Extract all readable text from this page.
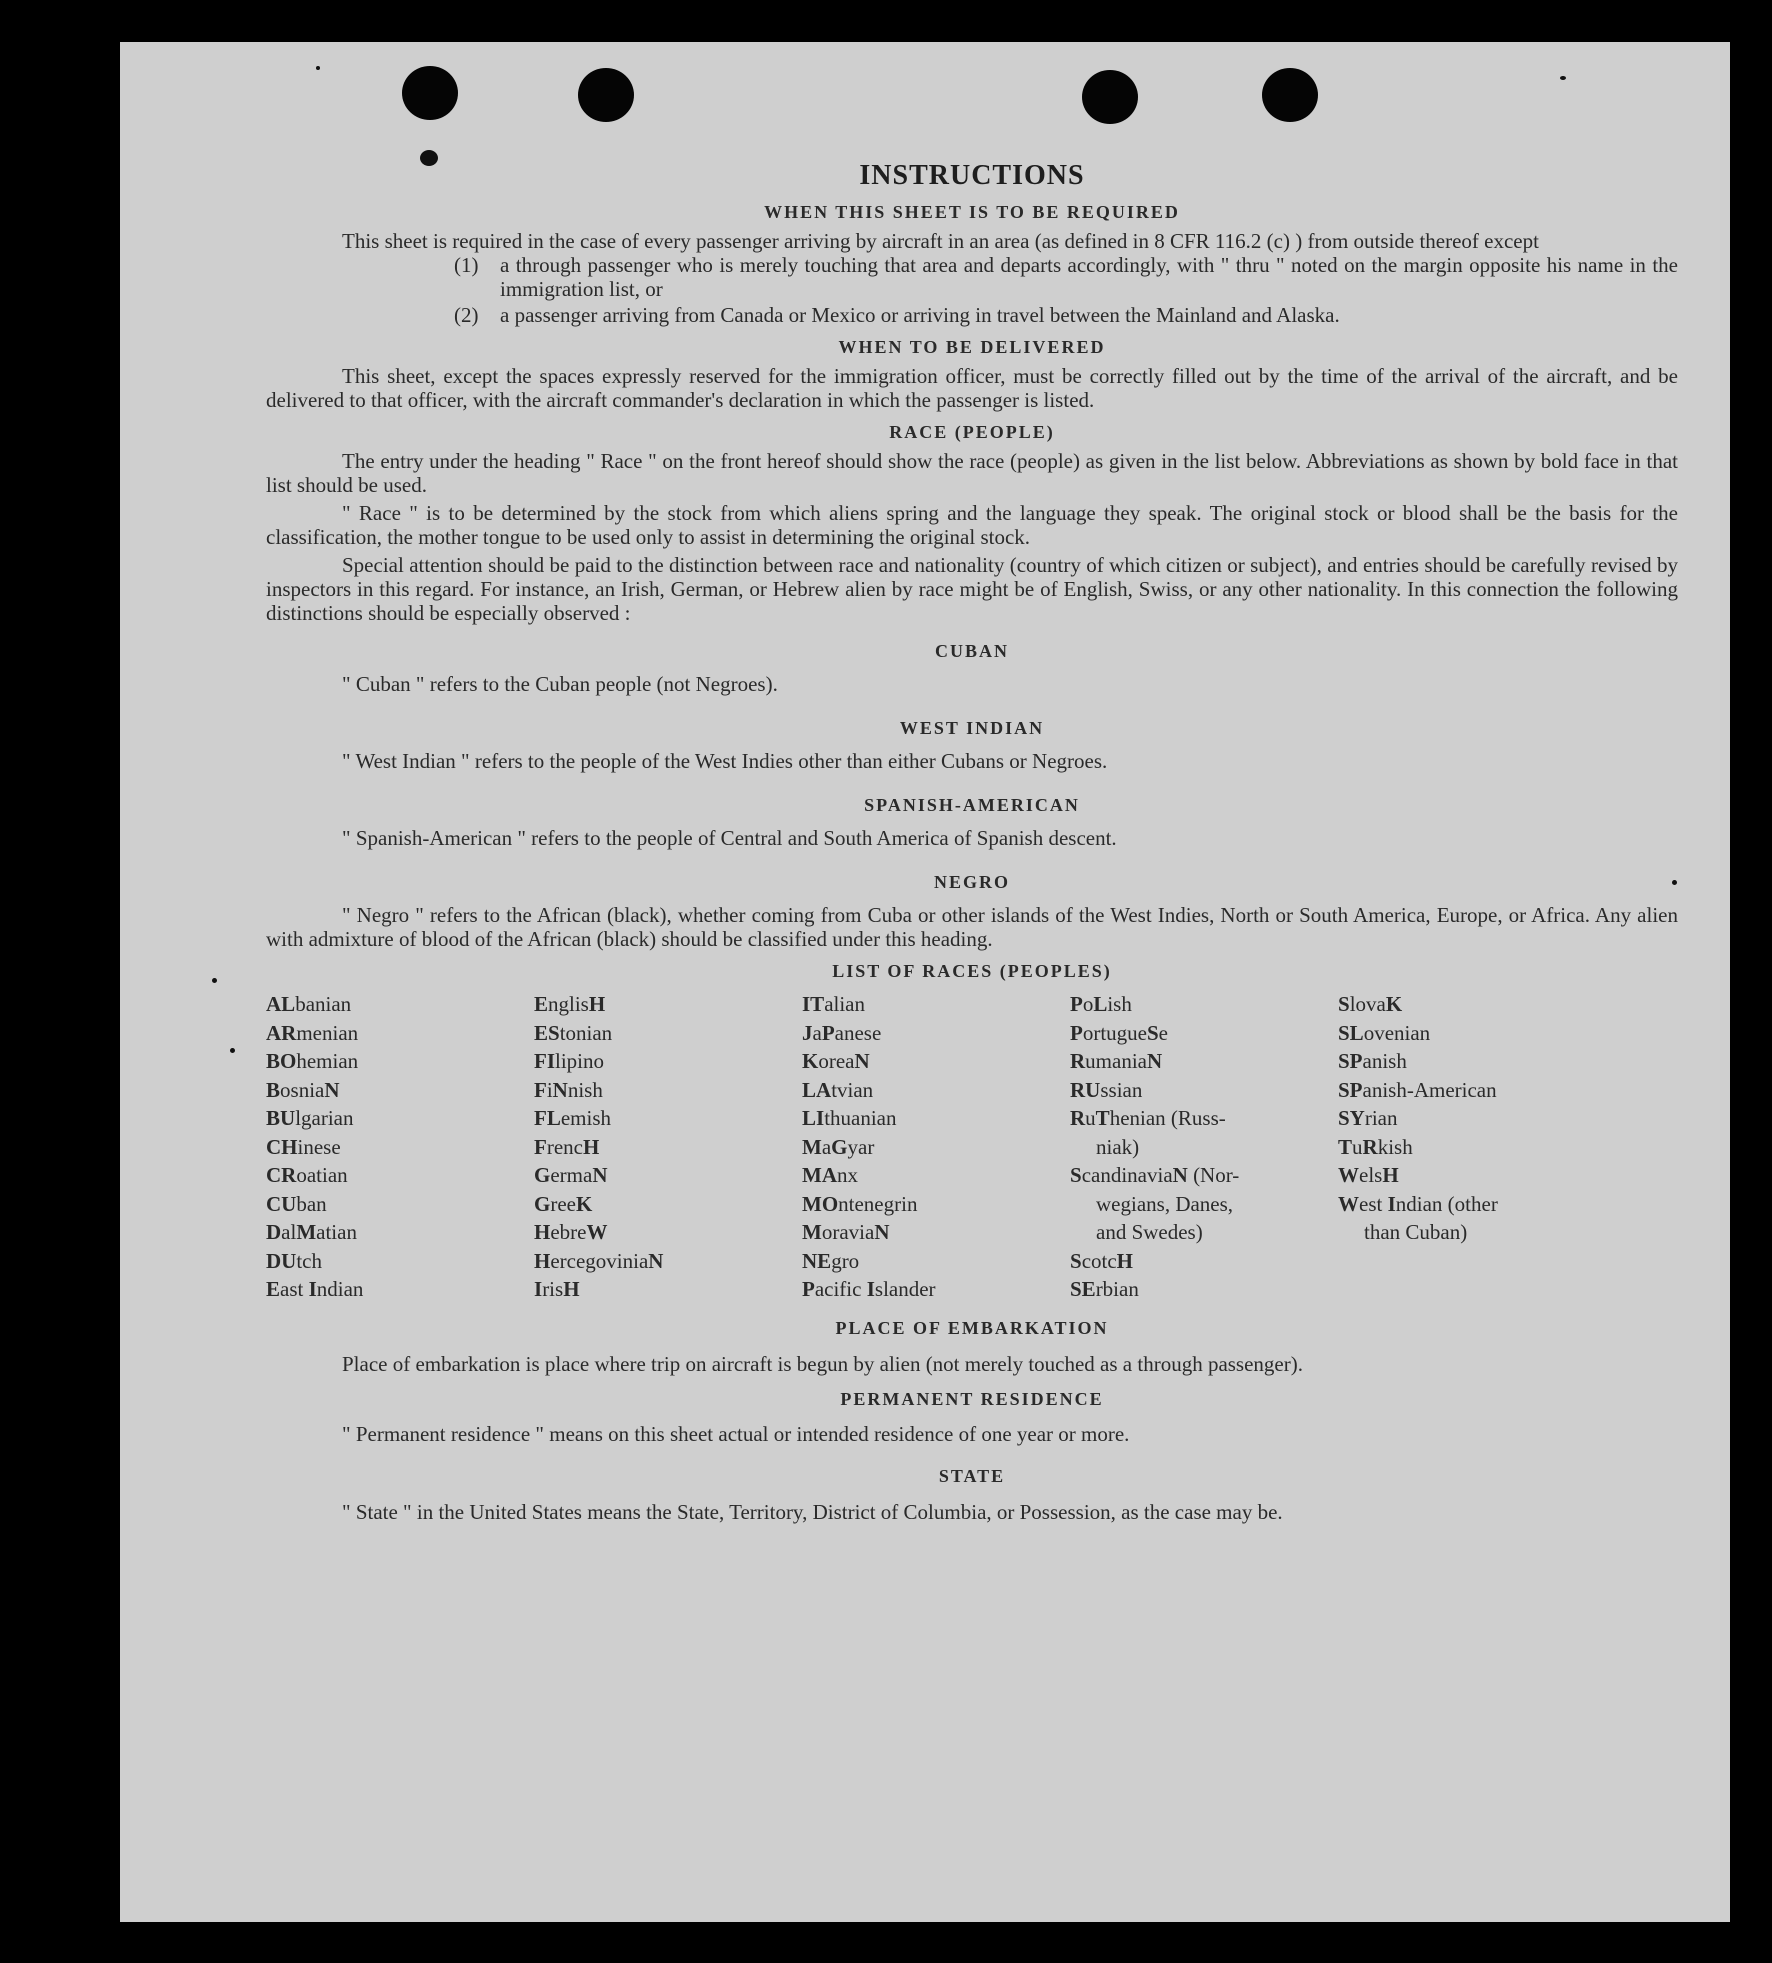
INSTRUCTIONS
WHEN THIS SHEET IS TO BE REQUIRED

This sheet is required in the case of every passenger arriving by aircraft in an area (as defined in 8 CFR 116.2 (c) ) from outside thereof except

(1) a through passenger who is merely touching that area and departs accordingly, with " thru " noted on the margin opposite his name in the immigration list, or

(2) a passenger arriving from Canada or Mexico or arriving in travel between the Mainland and Alaska.

WHEN TO BE DELIVERED

This sheet, except the spaces expressly reserved for the immigration officer, must be correctly filled out by the time of the arrival of the aircraft, and be delivered to that officer, with the aircraft commander's declaration in which the passenger is listed.

RACE (PEOPLE)

The entry under the heading " Race " on the front hereof should show the race (people) as given in the list below. Abbreviations as shown by bold face in that list should be used.

" Race " is to be determined by the stock from which aliens spring and the language they speak. The original stock or blood shall be the basis for the classification, the mother tongue to be used only to assist in determining the original stock.

Special attention should be paid to the distinction between race and nationality (country of which citizen or subject), and entries should be carefully revised by inspectors in this regard. For instance, an Irish, German, or Hebrew alien by race might be of English, Swiss, or any other nationality. In this connection the following distinctions should be especially observed :

CUBAN

" Cuban " refers to the Cuban people (not Negroes).

WEST INDIAN

" West Indian " refers to the people of the West Indies other than either Cubans or Negroes.

SPANISH-AMERICAN

" Spanish-American " refers to the people of Central and South America of Spanish descent.

NEGRO

" Negro " refers to the African (black), whether coming from Cuba or other islands of the West Indies, North or South America, Europe, or Africa. Any alien with admixture of blood of the African (black) should be classified under this heading.

LIST OF RACES (PEOPLES)
ALbanian
ARmenian
BOhemian
BosniaN
BUlgarian
CHinese
CRoatian
CUban
DalMatian
DUtch
East Indian
EnglisH
EStonian
FIlipino
FiNnish
FLemish
FrencH
GermaN
GreeK
HebreW
HercegoviniaN
IrisH
ITalian
JaPanese
KoreaN
LAtvian
LIthuanian
MaGyar
MAnx
MOntenegrin
MoraviaN
NEgro
Pacific Islander
PoLish
PortugueSe
RumaniaN
RUssian
RuThenian (Russ-
niak)
ScandinaviaN (Nor-
wegians, Danes,
and Swedes)
ScotcH
SErbian
SlovaK
SLovenian
SPanish
SPanish-American
SYrian
TuRkish
WelsH
West Indian (other
than Cuban)
PLACE OF EMBARKATION

Place of embarkation is place where trip on aircraft is begun by alien (not merely touched as a through passenger).

PERMANENT RESIDENCE

" Permanent residence " means on this sheet actual or intended residence of one year or more.

STATE

" State " in the United States means the State, Territory, District of Columbia, or Possession, as the case may be.
